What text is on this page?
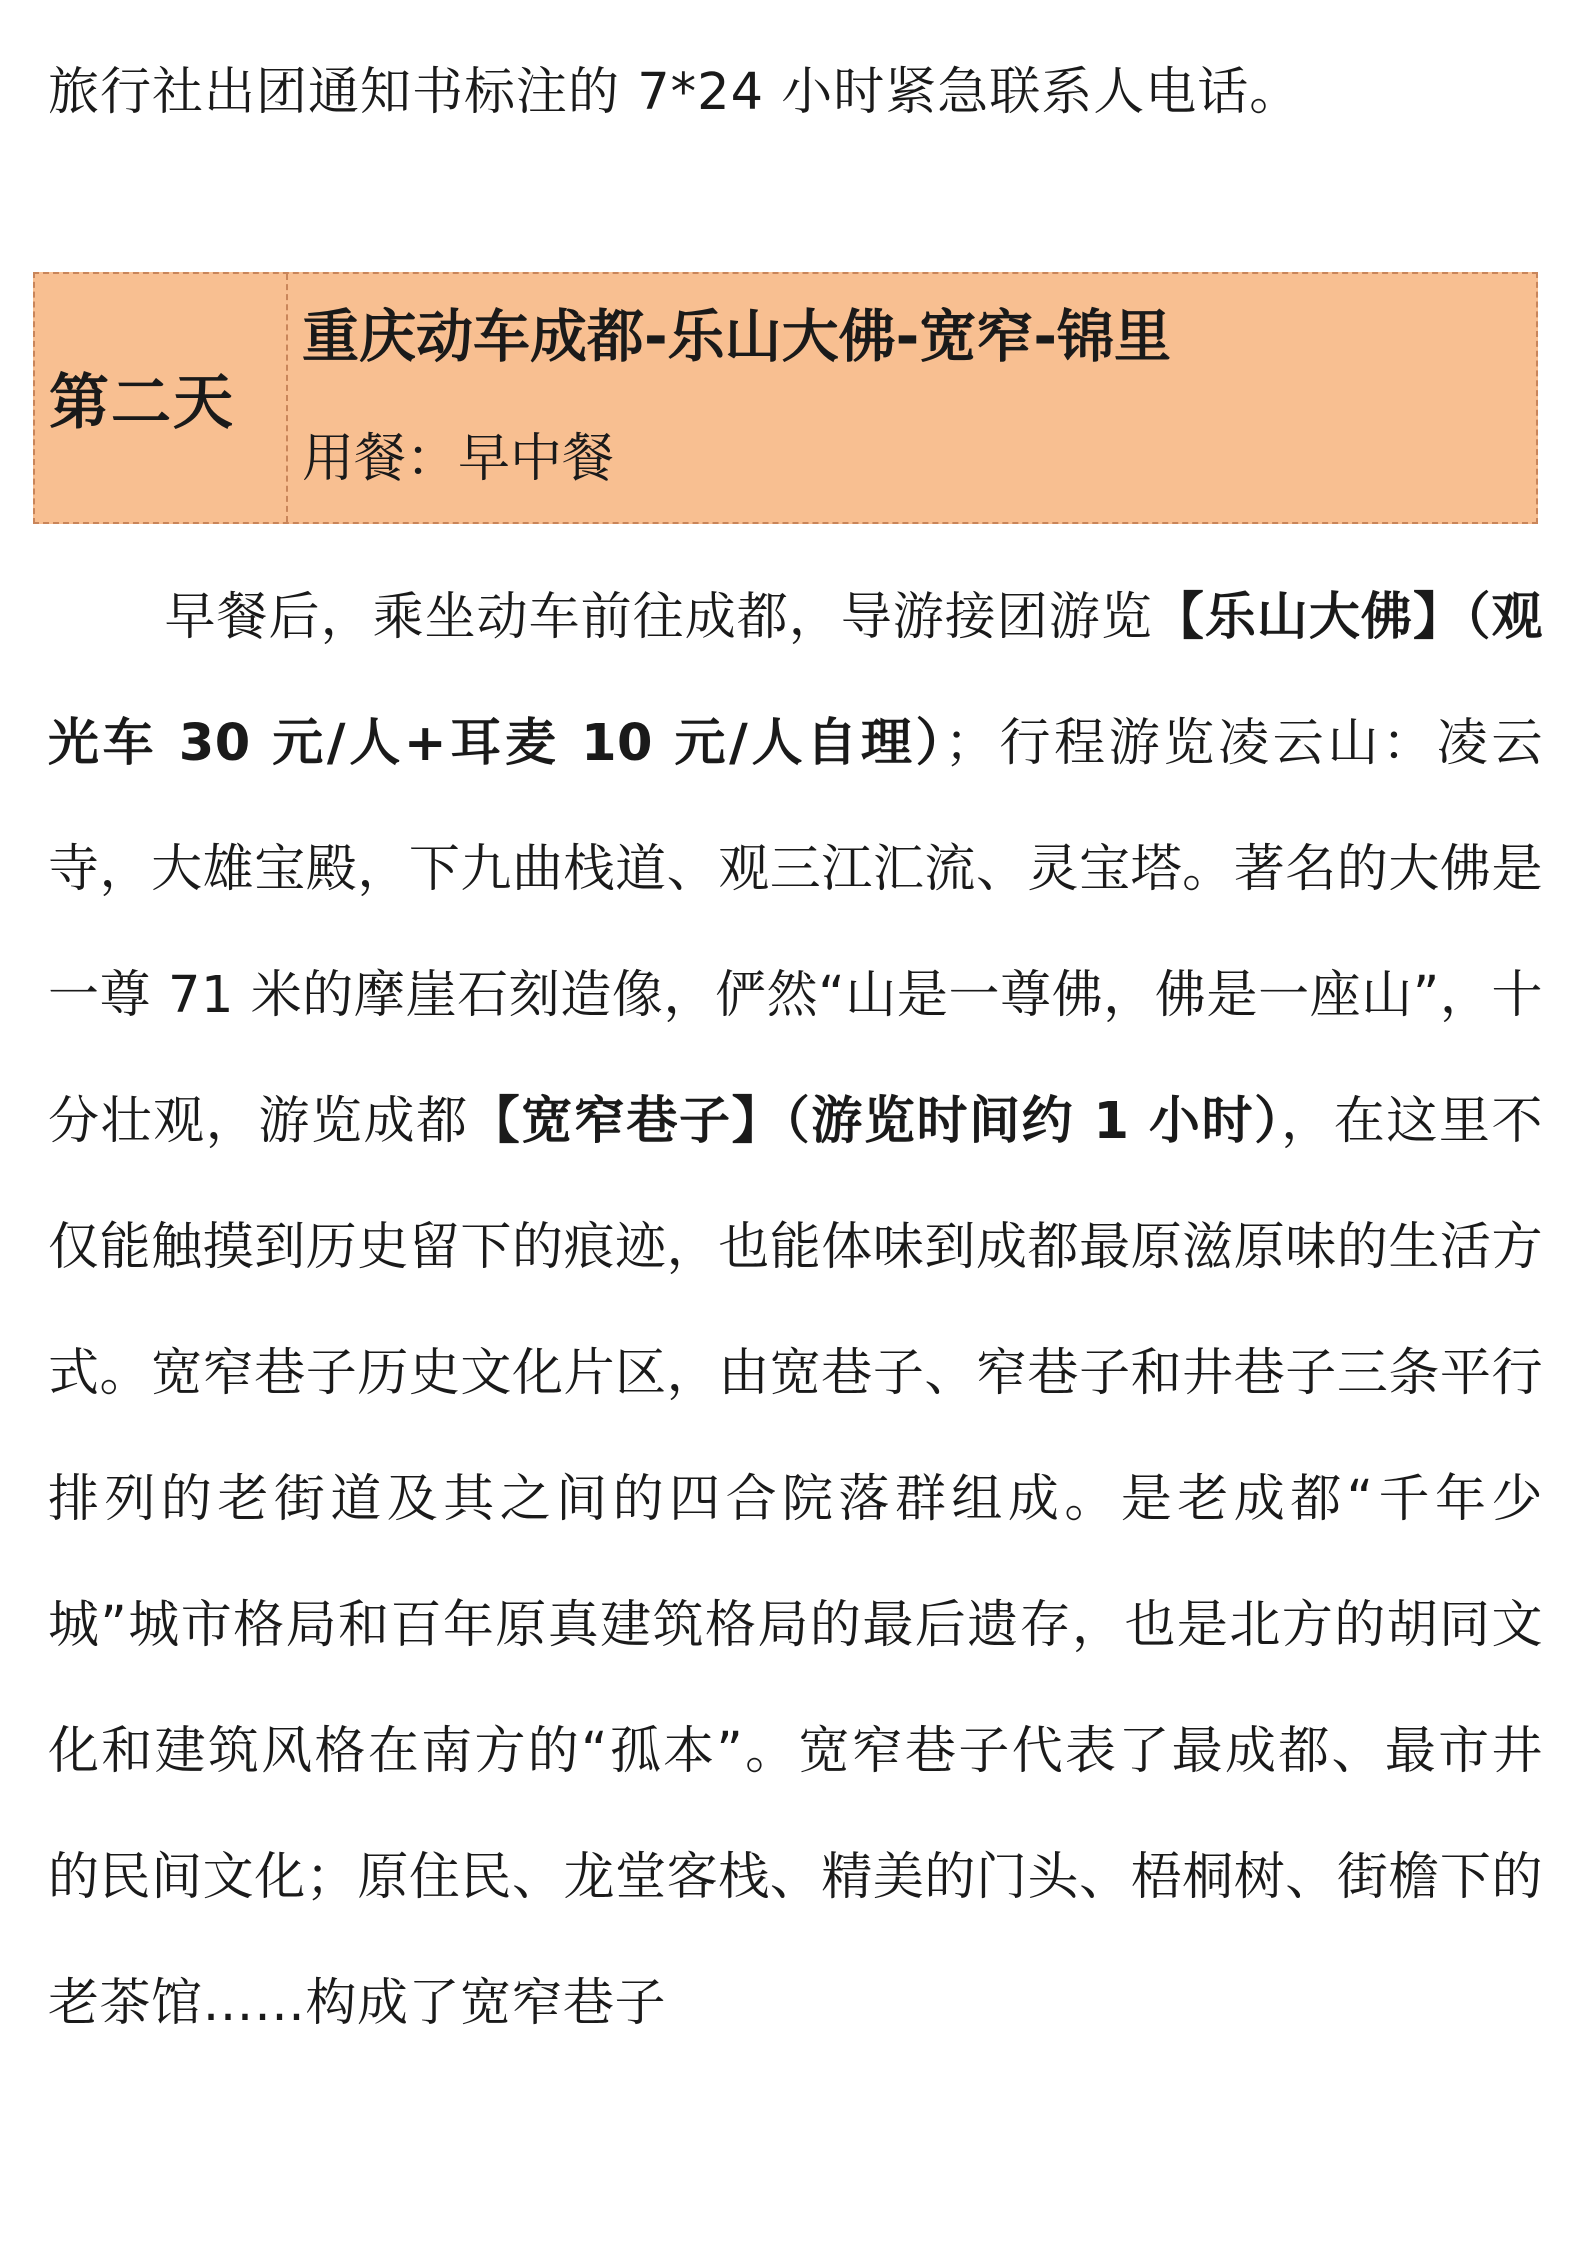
旅行社出团通知书标注的 7*24 小时紧急联系人电话。
第二天
重庆动车成都-乐山大佛-宽窄-锦里
用餐：早中餐
早餐后，乘坐动车前往成都，导游接团游览【乐山大佛】（观光车 30 元/人+耳麦 10 元/人自理）；行程游览凌云山：凌云寺，大雄宝殿，下九曲栈道、观三江汇流、灵宝塔。著名的大佛是一尊 71 米的摩崖石刻造像，俨然“山是一尊佛，佛是一座山”，十分壮观，游览成都【宽窄巷子】（游览时间约 1 小时），在这里不仅能触摸到历史留下的痕迹，也能体味到成都最原滋原味的生活方式。宽窄巷子历史文化片区，由宽巷子、窄巷子和井巷子三条平行排列的老街道及其之间的四合院落群组成。是老成都“千年少城”城市格局和百年原真建筑格局的最后遗存，也是北方的胡同文化和建筑风格在南方的“孤本”。宽窄巷子代表了最成都、最市井的民间文化；原住民、龙堂客栈、精美的门头、梧桐树、街檐下的老茶馆……构成了宽窄巷子
